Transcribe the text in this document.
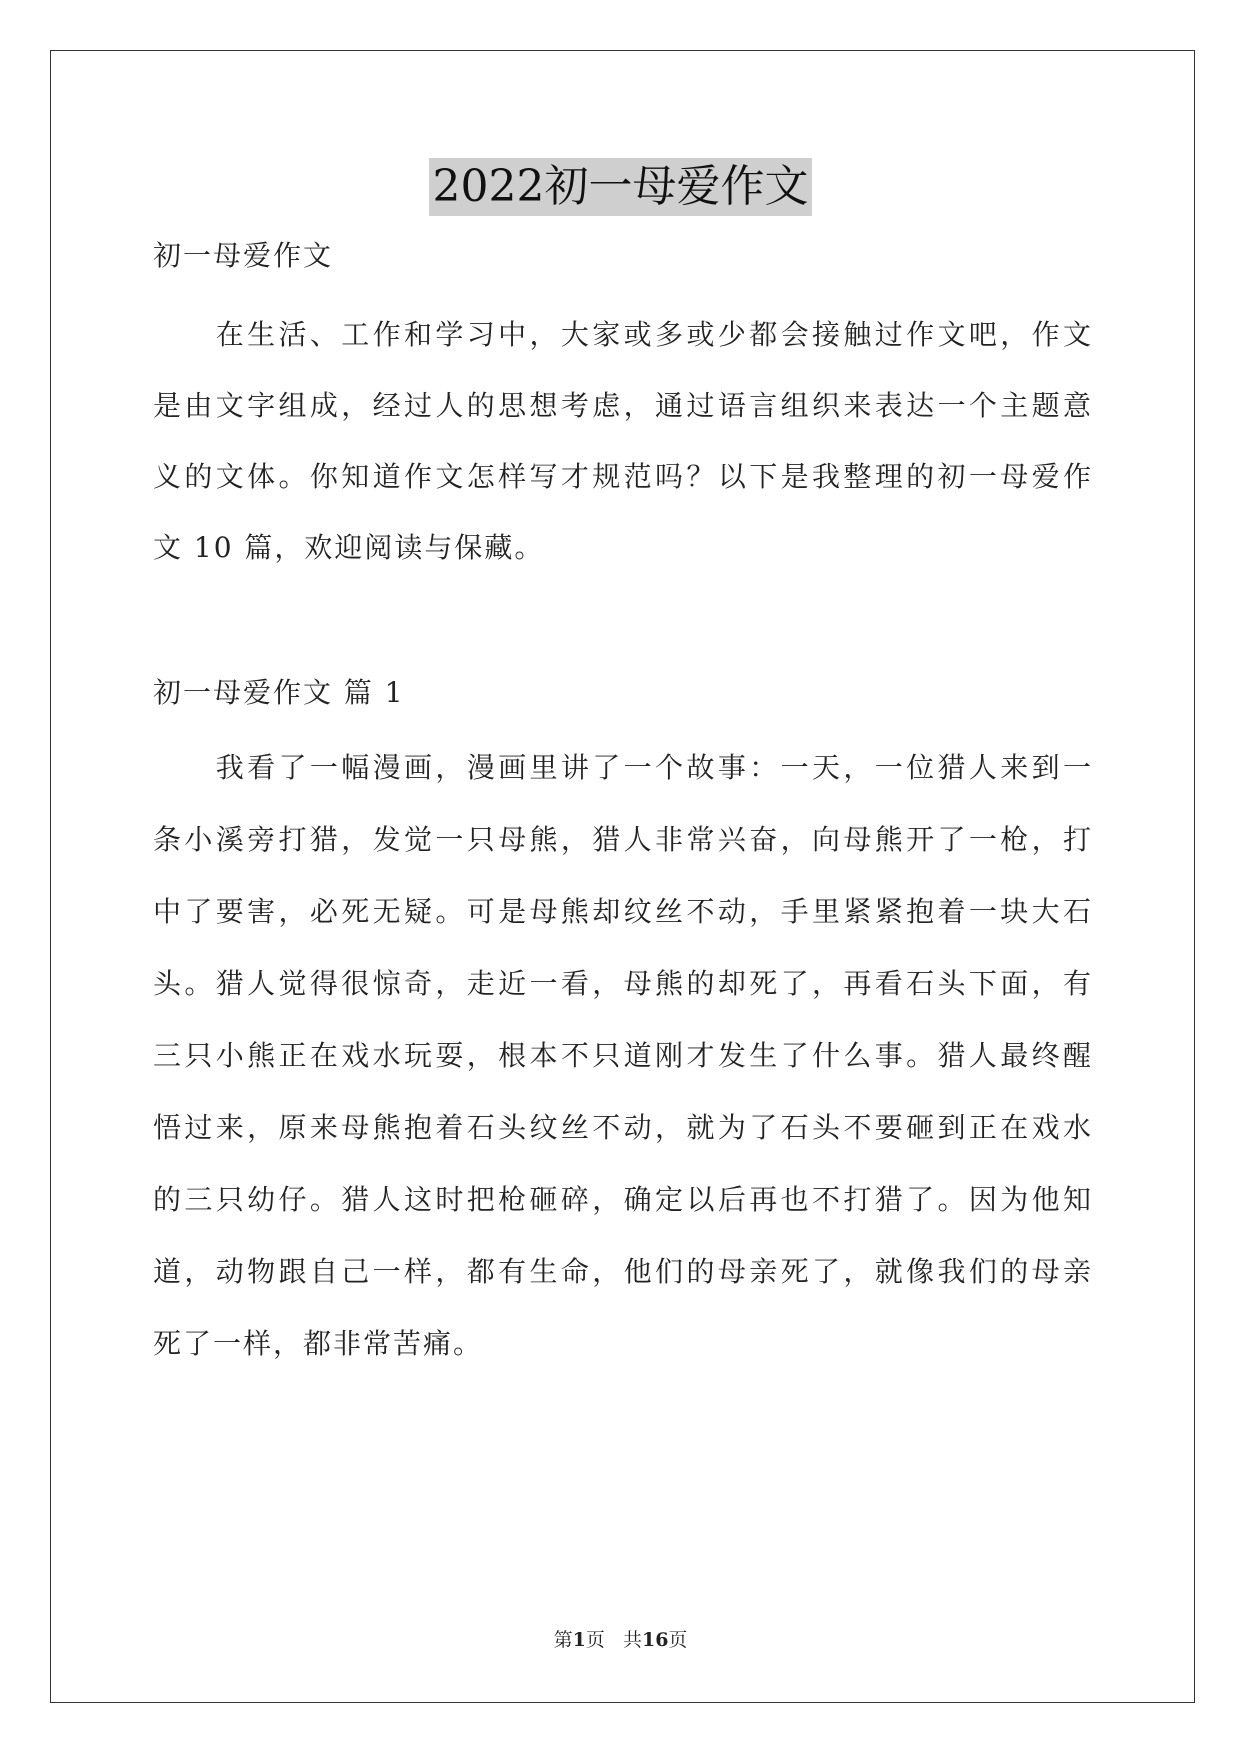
2022初一母爱作文
初一母爱作文
　　在生活、工作和学习中，大家或多或少都会接触过作文吧，作文
是由文字组成，经过人的思想考虑，通过语言组织来表达一个主题意
义的文体。你知道作文怎样写才规范吗？以下是我整理的初一母爱作
文 10 篇，欢迎阅读与保藏。
初一母爱作文 篇 1
　　我看了一幅漫画，漫画里讲了一个故事：一天，一位猎人来到一
条小溪旁打猎，发觉一只母熊，猎人非常兴奋，向母熊开了一枪，打
中了要害，必死无疑。可是母熊却纹丝不动，手里紧紧抱着一块大石
头。猎人觉得很惊奇，走近一看，母熊的却死了，再看石头下面，有
三只小熊正在戏水玩耍，根本不只道刚才发生了什么事。猎人最终醒
悟过来，原来母熊抱着石头纹丝不动，就为了石头不要砸到正在戏水
的三只幼仔。猎人这时把枪砸碎，确定以后再也不打猎了。因为他知
道，动物跟自己一样，都有生命，他们的母亲死了，就像我们的母亲
死了一样，都非常苦痛。
第1页 共16页
